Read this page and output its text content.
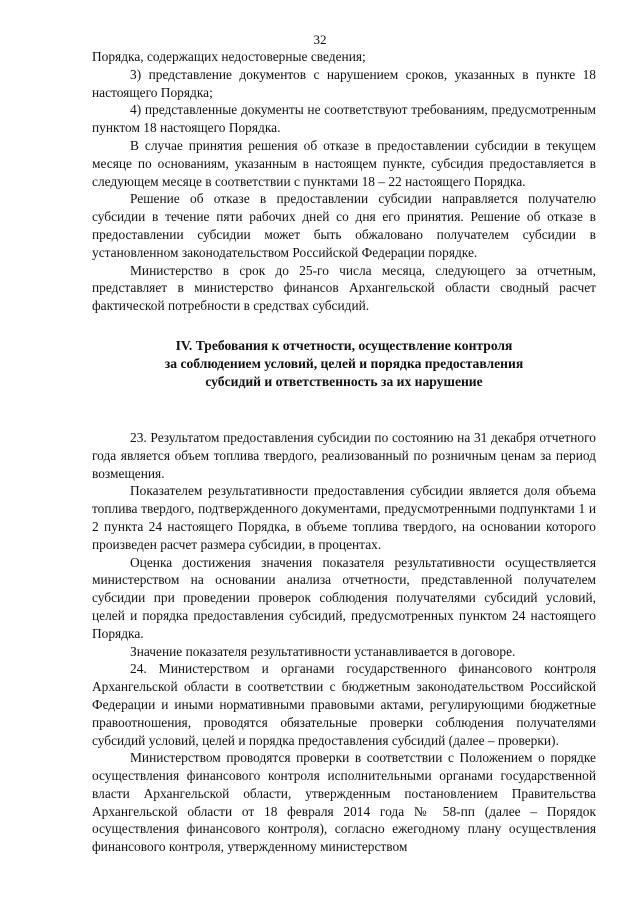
32

Порядка, содержащих недостоверные сведения;

3) представление документов с нарушением сроков, указанных в пункте 18 настоящего Порядка;

4) представленные документы не соответствуют требованиям, предусмотренным пунктом 18 настоящего Порядка.

В случае принятия решения об отказе в предоставлении субсидии в текущем месяце по основаниям, указанным в настоящем пункте, субсидия предоставляется в следующем месяце в соответствии с пунктами 18 – 22 настоящего Порядка.

Решение об отказе в предоставлении субсидии направляется получателю субсидии в течение пяти рабочих дней со дня его принятия. Решение об отказе в предоставлении субсидии может быть обжаловано получателем субсидии в установленном законодательством Российской Федерации порядке.

Министерство в срок до 25-го числа месяца, следующего за отчетным, представляет в министерство финансов Архангельской области сводный расчет фактической потребности в средствах субсидий.

IV. Требования к отчетности, осуществление контроля
за соблюдением условий, целей и порядка предоставления
субсидий и ответственность за их нарушение

23. Результатом предоставления субсидии по состоянию на 31 декабря отчетного года является объем топлива твердого, реализованный по розничным ценам за период возмещения.

Показателем результативности предоставления субсидии является доля объема топлива твердого, подтвержденного документами, предусмотренными подпунктами 1 и 2 пункта 24 настоящего Порядка, в объеме топлива твердого, на основании которого произведен расчет размера субсидии, в процентах.

Оценка достижения значения показателя результативности осуществляется министерством на основании анализа отчетности, представленной получателем субсидии при проведении проверок соблюдения получателями субсидий условий, целей и порядка предоставления субсидий, предусмотренных пунктом 24 настоящего Порядка.

Значение показателя результативности устанавливается в договоре.

24. Министерством и органами государственного финансового контроля Архангельской области в соответствии с бюджетным законодательством Российской Федерации и иными нормативными правовыми актами, регулирующими бюджетные правоотношения, проводятся обязательные проверки соблюдения получателями субсидий условий, целей и порядка предоставления субсидий (далее – проверки).

Министерством проводятся проверки в соответствии с Положением о порядке осуществления финансового контроля исполнительными органами государственной власти Архангельской области, утвержденным постановлением Правительства Архангельской области от 18 февраля 2014 года № 58-пп (далее – Порядок осуществления финансового контроля), согласно ежегодному плану осуществления финансового контроля, утвержденному министерством
